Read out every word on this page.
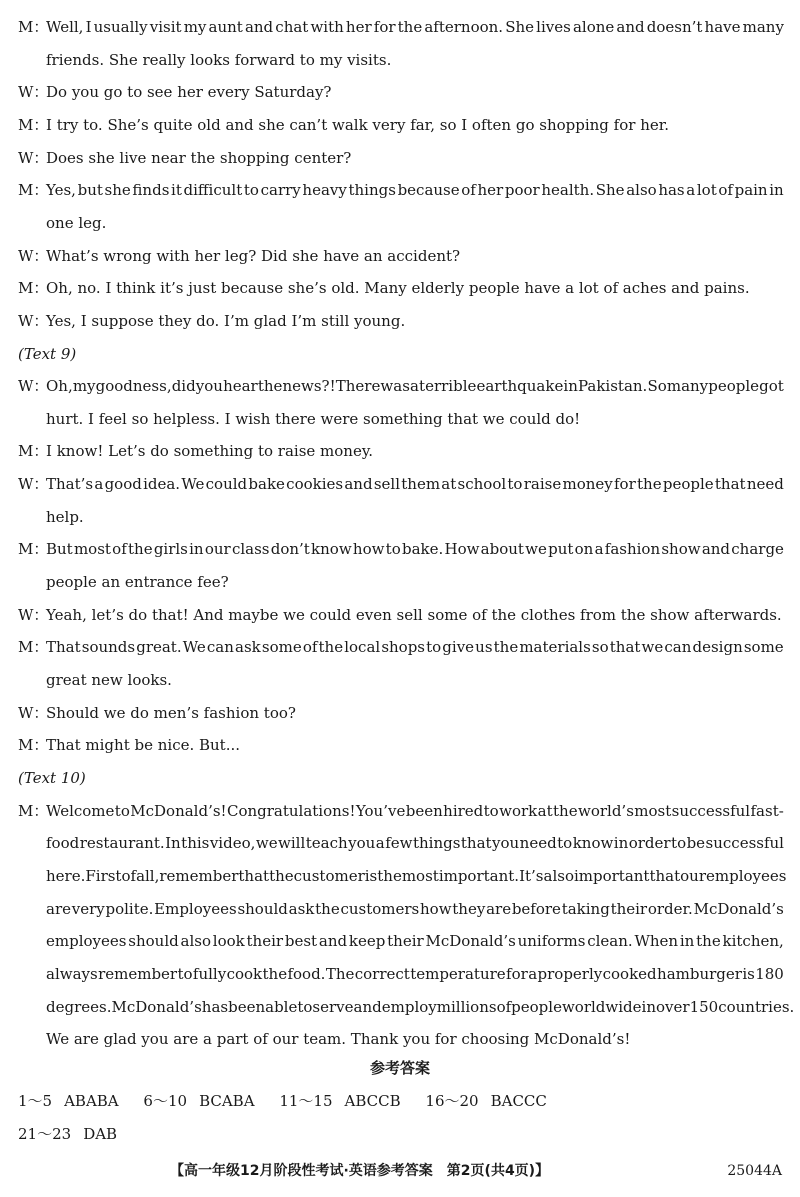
M：
Well, I usually visit my aunt and chat with her for the afternoon. She lives alone and doesn’t have many
friends. She really looks forward to my visits.
W：Do you go to see her every Saturday?
M：I try to. She’s quite old and she can’t walk very far, so I often go shopping for her.
W：Does she live near the shopping center?
M：
Yes, but she finds it difficult to carry heavy things because of her poor health. She also has a lot of pain in
one leg.
W：What’s wrong with her leg? Did she have an accident?
M：Oh, no. I think it’s just because she’s old. Many elderly people have a lot of aches and pains.
W：Yes, I suppose they do. I’m glad I’m still young.
(Text 9)
W：
Oh, my goodness, did you hear the news?! There was a terrible earthquake in Pakistan. So many people got
hurt. I feel so helpless. I wish there were something that we could do!
M：I know! Let’s do something to raise money.
W：
That’s a good idea. We could bake cookies and sell them at school to raise money for the people that need
help.
M：
But most of the girls in our class don’t know how to bake. How about we put on a fashion show and charge
people an entrance fee?
W：Yeah, let’s do that! And maybe we could even sell some of the clothes from the show afterwards.
M：
That sounds great. We can ask some of the local shops to give us the materials so that we can design some
great new looks.
W：Should we do men’s fashion too?
M：That might be nice. But...
(Text 10)
M：
Welcome to McDonald’s! Congratulations! You’ve been hired to work at the world’s most successful fast-
food restaurant. In this video, we will teach you a few things that you need to know in order to be successful
here. First of all, remember that the customer is the most important. It’s also important that our employees
are very polite. Employees should ask the customers how they are before taking their order. McDonald’s
employees should also look their best and keep their McDonald’s uniforms clean. When in the kitchen,
always remember to fully cook the food. The correct temperature for a properly cooked hamburger is 180
degrees. McDonald’s has been able to serve and employ millions of people worldwide in over 150 countries.
We are glad you are a part of our team. Thank you for choosing McDonald’s!
参考答案
1～5 ABABA 6～10 BCABA 11～15 ABCCB 16～20 BACCC
21～23 DAB
【高一年级12月阶段性考试·英语参考答案　第2页(共4页)】	25044A
